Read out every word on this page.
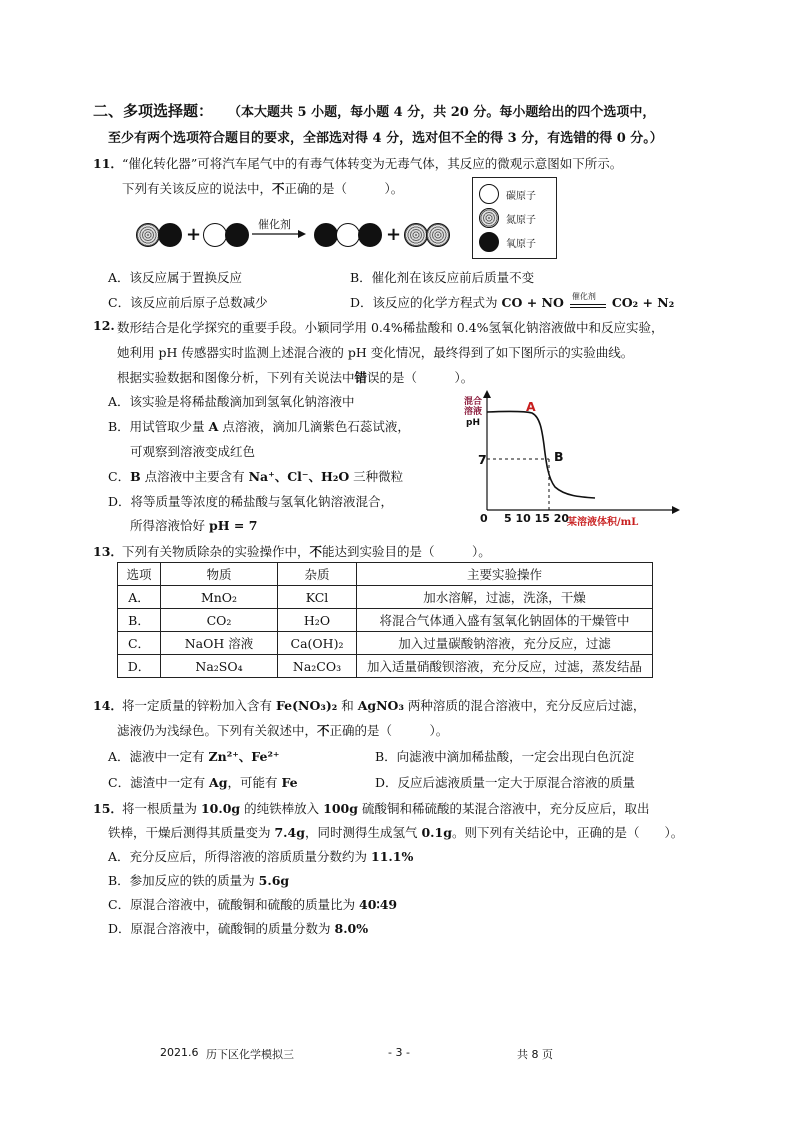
二、多项选择题： （本大题共 5 小题，每小题 4 分，共 20 分。每小题给出的四个选项中，
至少有两个选项符合题目的要求，全部选对得 4 分，选对但不全的得 3 分，有选错的得 0 分。）
11． “催化转化器”可将汽车尾气中的有毒气体转变为无毒气体，其反应的微观示意图如下所示。
下列有关该反应的说法中，不正确的是（　　　）。
+	催化剂	+
碳原子
氮原子
氧原子
A．该反应属于置换反应	B．催化剂在该反应前后质量不变
C．该反应前后原子总数减少	D．该反应的化学方程式为 CO + NO 催化剂 CO₂ + N₂
12. 数形结合是化学探究的重要手段。小颖同学用 0.4%稀盐酸和 0.4%氢氧化钠溶液做中和反应实验，
她利用 pH 传感器实时监测上述混合液的 pH 变化情况，最终得到了如下图所示的实验曲线。
根据实验数据和图像分析，下列有关说法中错误的是（　　　）。
A．该实验是将稀盐酸滴加到氢氧化钠溶液中
B．用试管取少量 A 点溶液，滴加几滴紫色石蕊试液，
可观察到溶液变成红色
C．B 点溶液中主要含有 Na⁺、Cl⁻、H₂O 三种微粒
D．将等质量等浓度的稀盐酸与氢氧化钠溶液混合，
所得溶液恰好 pH = 7
混合
溶液
pH
A
7	B
0 5 10 15 20
某溶液体积/mL
13． 下列有关物质除杂的实验操作中，不能达到实验目的是（　　　）。
选项	物质	杂质	主要实验操作
A．	MnO₂	KCl	加水溶解，过滤，洗涤，干燥
B．	CO₂	H₂O	将混合气体通入盛有氢氧化钠固体的干燥管中
C．	NaOH 溶液	Ca(OH)₂	加入过量碳酸钠溶液，充分反应，过滤
D．	Na₂SO₄	Na₂CO₃	加入适量硝酸钡溶液，充分反应，过滤，蒸发结晶
14． 将一定质量的锌粉加入含有 Fe(NO₃)₂ 和 AgNO₃ 两种溶质的混合溶液中，充分反应后过滤，
滤液仍为浅绿色。下列有关叙述中，不正确的是（　　　）。
A．滤液中一定有 Zn²⁺、Fe²⁺	B．向滤液中滴加稀盐酸，一定会出现白色沉淀
C．滤渣中一定有 Ag，可能有 Fe	D．反应后滤液质量一定大于原混合溶液的质量
15． 将一根质量为 10.0g 的纯铁棒放入 100g 硫酸铜和稀硫酸的某混合溶液中，充分反应后，取出
铁棒，干燥后测得其质量变为 7.4g，同时测得生成氢气 0.1g。则下列有关结论中，正确的是（　　）。
A．充分反应后，所得溶液的溶质质量分数约为 11.1%
B．参加反应的铁的质量为 5.6g
C．原混合溶液中，硫酸铜和硫酸的质量比为 40∶49
D．原混合溶液中，硫酸铜的质量分数为 8.0%
2021.6 历下区化学模拟三	- 3 -	共 8 页
